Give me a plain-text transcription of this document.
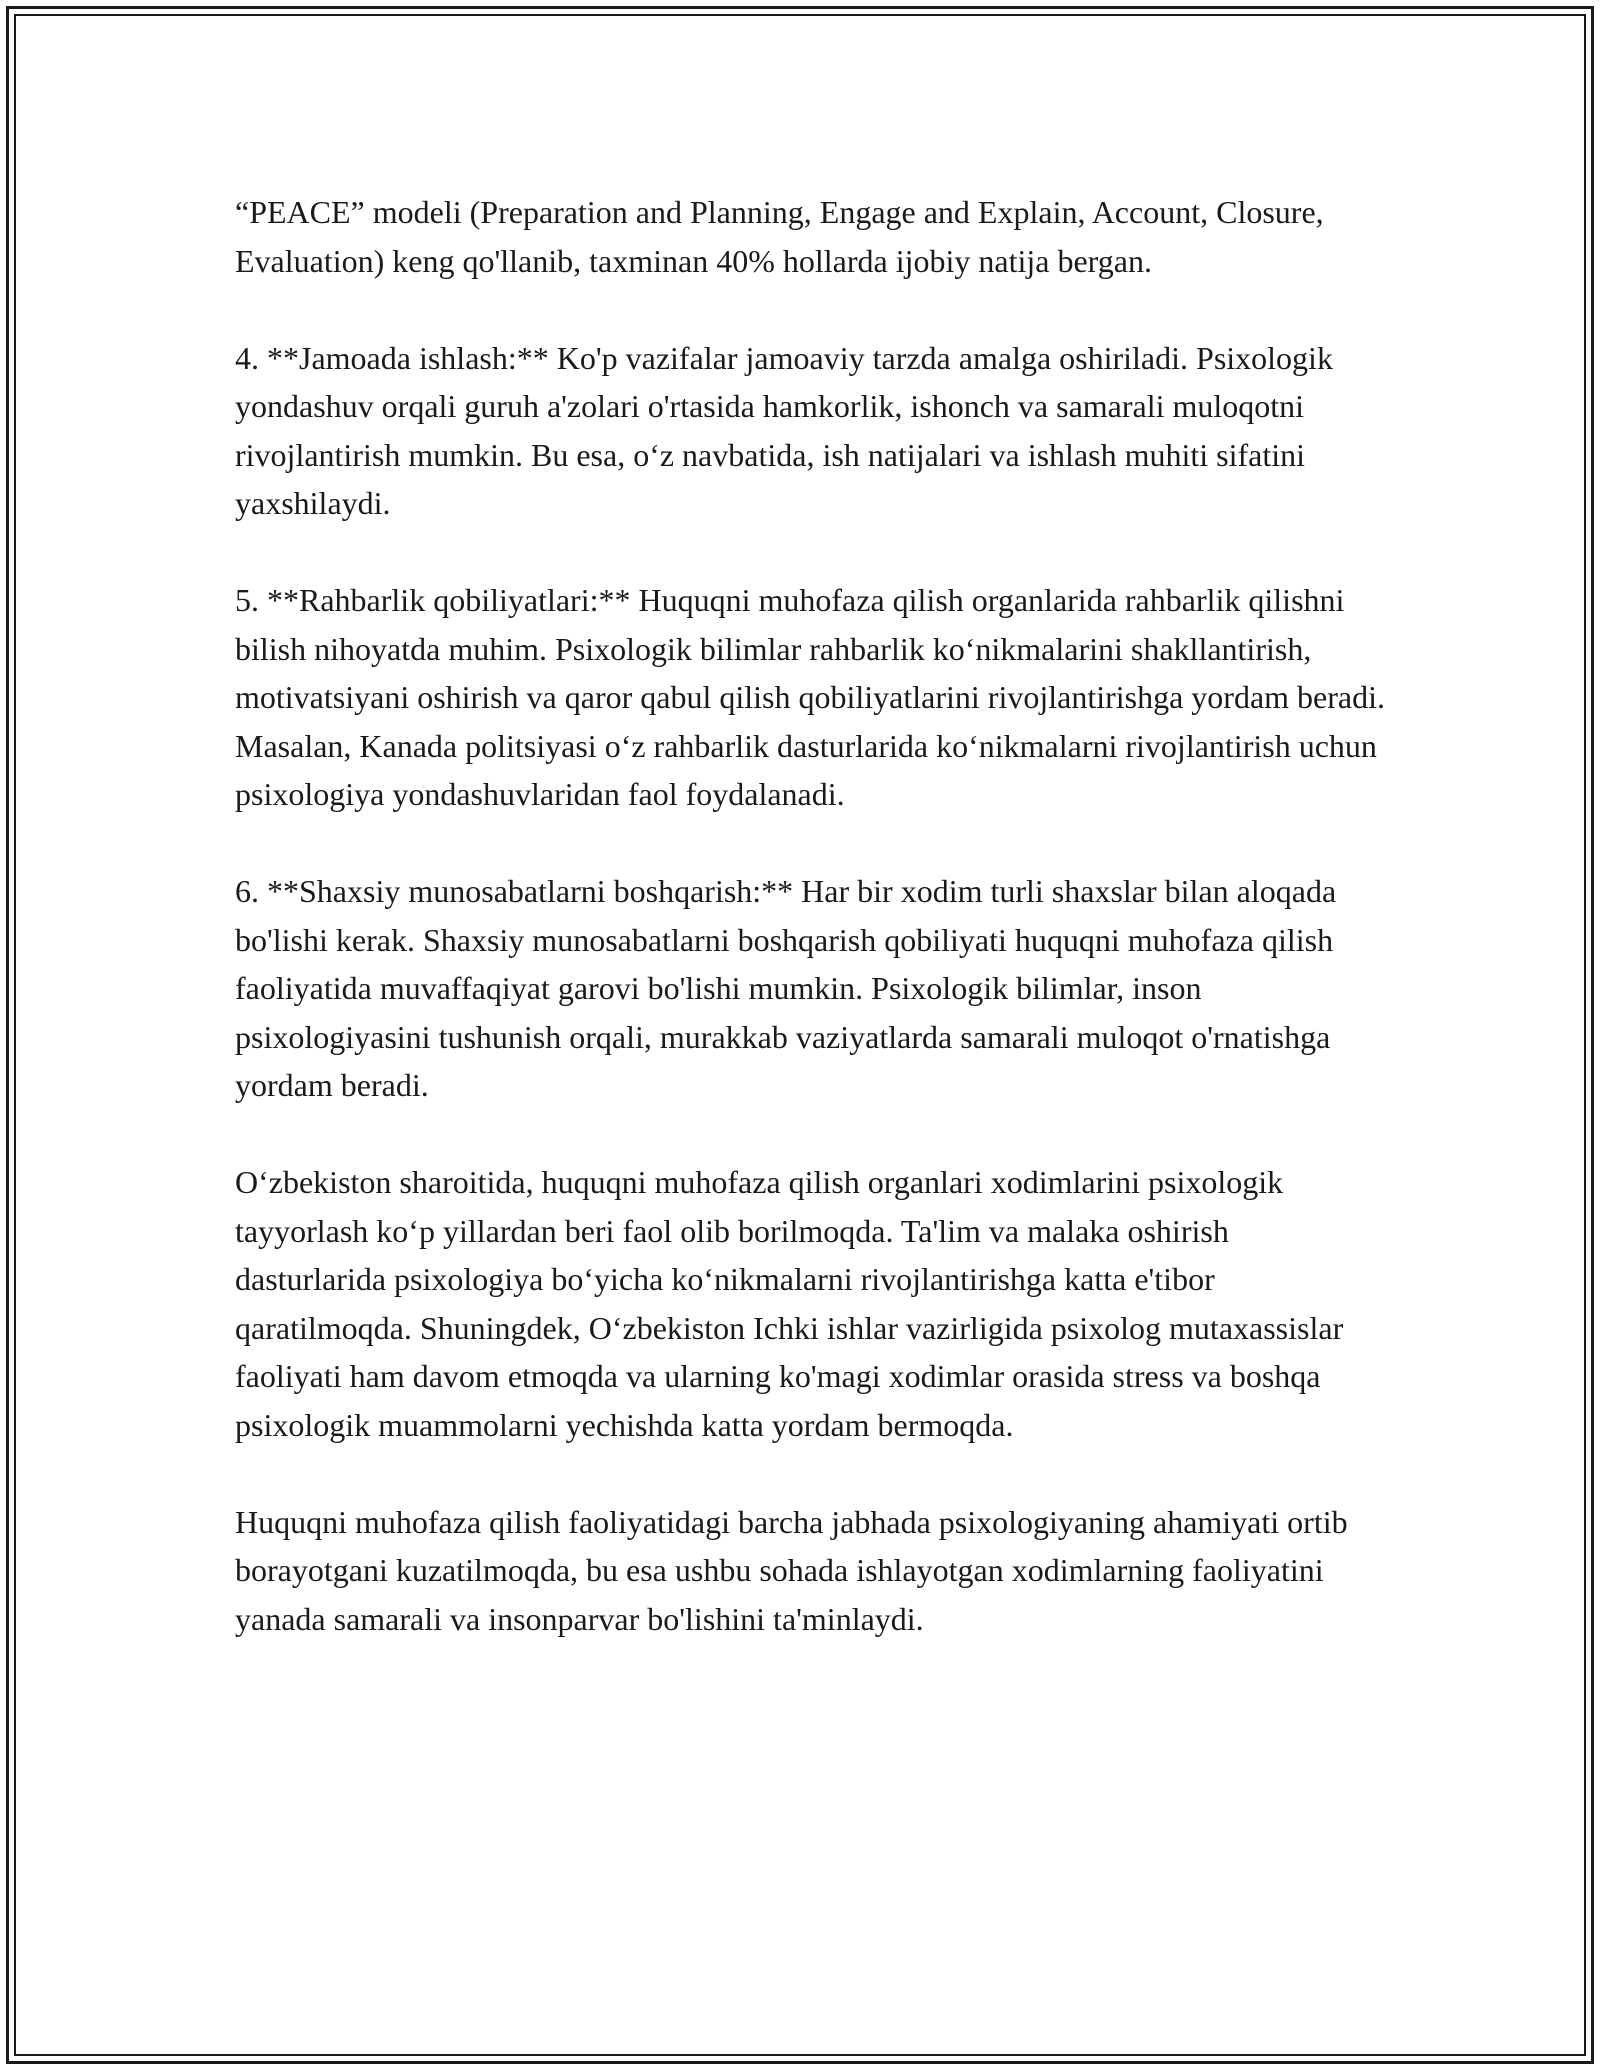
“PEACE” modeli (Preparation and Planning, Engage and Explain, Account, Closure, Evaluation) keng qo'llanib, taxminan 40% hollarda ijobiy natija bergan.

4. **Jamoada ishlash:** Ko'p vazifalar jamoaviy tarzda amalga oshiriladi. Psixologik yondashuv orqali guruh a'zolari o'rtasida hamkorlik, ishonch va samarali muloqotni rivojlantirish mumkin. Bu esa, o‘z navbatida, ish natijalari va ishlash muhiti sifatini yaxshilaydi.

5. **Rahbarlik qobiliyatlari:** Huquqni muhofaza qilish organlarida rahbarlik qilishni bilish nihoyatda muhim. Psixologik bilimlar rahbarlik ko‘nikmalarini shakllantirish, motivatsiyani oshirish va qaror qabul qilish qobiliyatlarini rivojlantirishga yordam beradi. Masalan, Kanada politsiyasi o‘z rahbarlik dasturlarida ko‘nikmalarni rivojlantirish uchun psixologiya yondashuvlaridan faol foydalanadi.

6. **Shaxsiy munosabatlarni boshqarish:** Har bir xodim turli shaxslar bilan aloqada bo'lishi kerak. Shaxsiy munosabatlarni boshqarish qobiliyati huquqni muhofaza qilish faoliyatida muvaffaqiyat garovi bo'lishi mumkin. Psixologik bilimlar, inson psixologiyasini tushunish orqali, murakkab vaziyatlarda samarali muloqot o'rnatishga yordam beradi.

O‘zbekiston sharoitida, huquqni muhofaza qilish organlari xodimlarini psixologik tayyorlash ko‘p yillardan beri faol olib borilmoqda. Ta'lim va malaka oshirish dasturlarida psixologiya bo‘yicha ko‘nikmalarni rivojlantirishga katta e'tibor qaratilmoqda. Shuningdek, O‘zbekiston Ichki ishlar vazirligida psixolog mutaxassislar faoliyati ham davom etmoqda va ularning ko'magi xodimlar orasida stress va boshqa psixologik muammolarni yechishda katta yordam bermoqda.

Huquqni muhofaza qilish faoliyatidagi barcha jabhada psixologiyaning ahamiyati ortib borayotgani kuzatilmoqda, bu esa ushbu sohada ishlayotgan xodimlarning faoliyatini yanada samarali va insonparvar bo'lishini ta'minlaydi.
